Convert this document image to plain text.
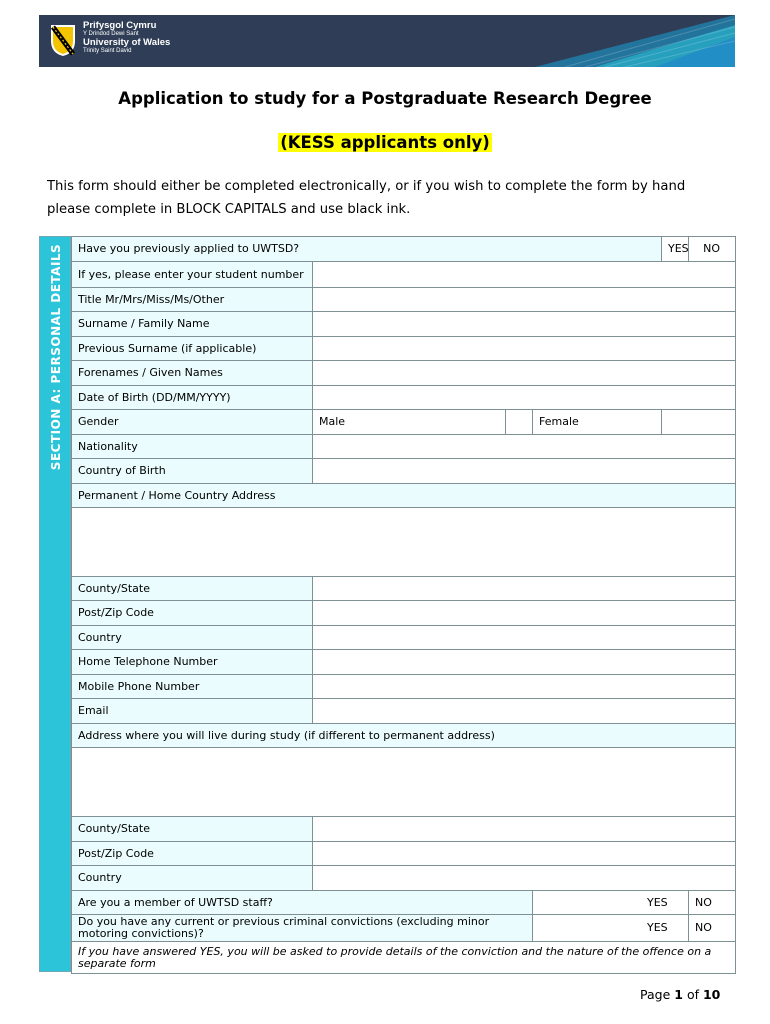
Prifysgol Cymru
Y Drindod Dewi Sant
University of Wales
Trinity Saint David
Application to study for a Postgraduate Research Degree
(KESS applicants only)
This form should either be completed electronically, or if you wish to complete the form by hand please complete in BLOCK CAPITALS and use black ink.
SECTION A: PERSONAL DETAILS Have you previously applied to UWTSD?				YES	NO
If yes, please enter your student number					
Title Mr/Mrs/Miss/Ms/Other					
Surname / Family Name					
Previous Surname (if applicable)					
Forenames / Given Names					
Date of Birth (DD/MM/YYYY)					
Gender	Male		Female		
Nationality					
Country of Birth					
Permanent / Home Country Address					

County/State					
Post/Zip Code					
Country					
Home Telephone Number					
Mobile Phone Number					
Email					
Address where you will live during study (if different to permanent address)					

County/State					
Post/Zip Code					
Country					
Are you a member of UWTSD staff?			YES		NO
Do you have any current or previous criminal convictions (excluding minor motoring convictions)?			YES		NO
If you have answered YES, you will be asked to provide details of the conviction and the nature of the offence on a separate form					
Page 1 of 10
